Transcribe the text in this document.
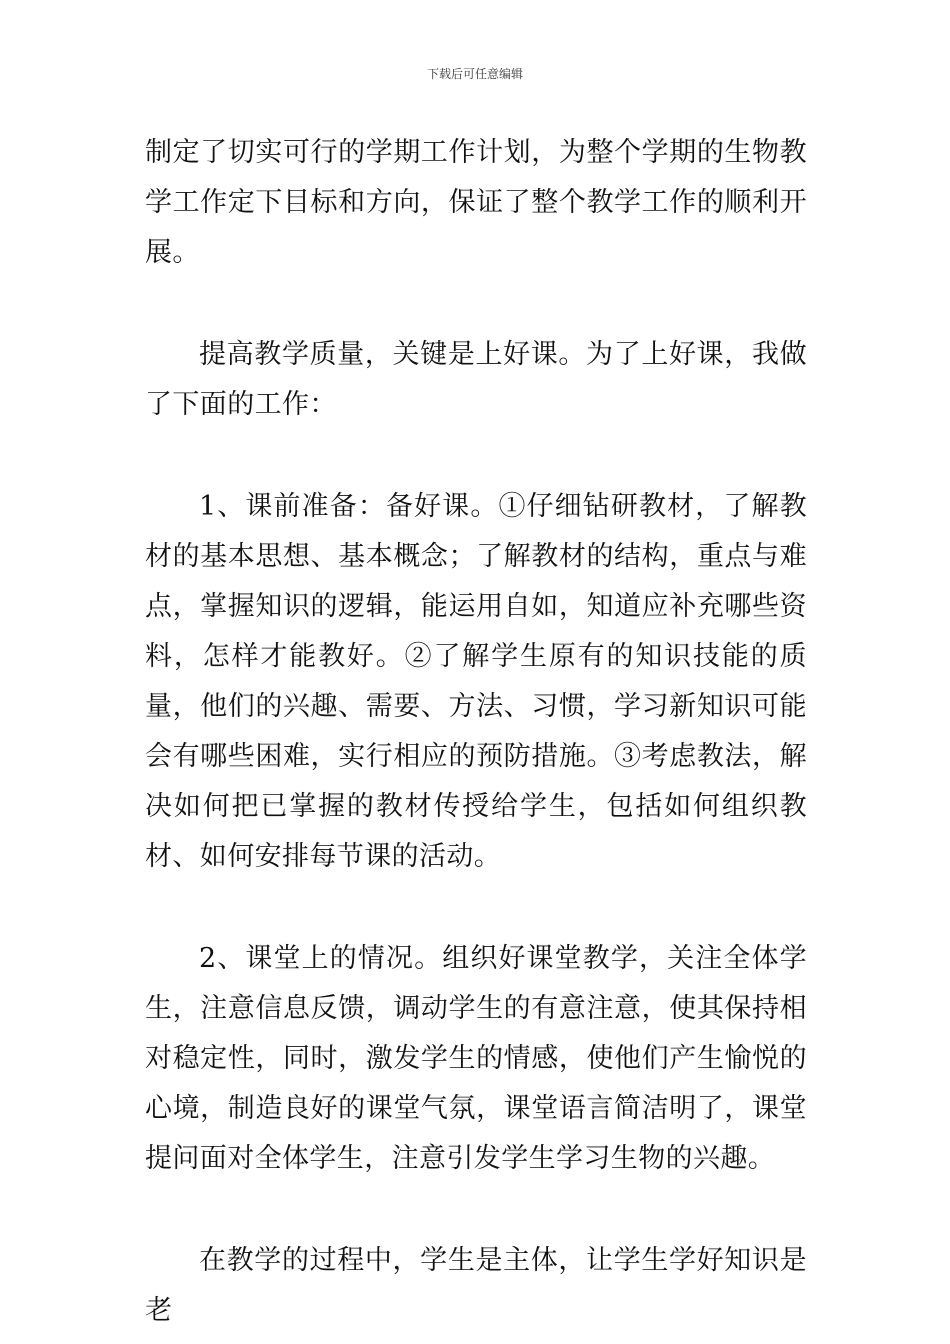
下载后可任意编辑

制定了切实可行的学期工作计划，为整个学期的生物教学工作定下目标和方向，保证了整个教学工作的顺利开展。

提高教学质量，关键是上好课。为了上好课，我做了下面的工作：

1、课前准备：备好课。①仔细钻研教材，了解教材的基本思想、基本概念；了解教材的结构，重点与难点，掌握知识的逻辑，能运用自如，知道应补充哪些资料，怎样才能教好。②了解学生原有的知识技能的质量，他们的兴趣、需要、方法、习惯，学习新知识可能会有哪些困难，实行相应的预防措施。③考虑教法，解决如何把已掌握的教材传授给学生，包括如何组织教材、如何安排每节课的活动。

2、课堂上的情况。组织好课堂教学，关注全体学生，注意信息反馈，调动学生的有意注意，使其保持相对稳定性，同时，激发学生的情感，使他们产生愉悦的心境，制造良好的课堂气氛，课堂语言简洁明了，课堂提问面对全体学生，注意引发学生学习生物的兴趣。

在教学的过程中，学生是主体，让学生学好知识是老
